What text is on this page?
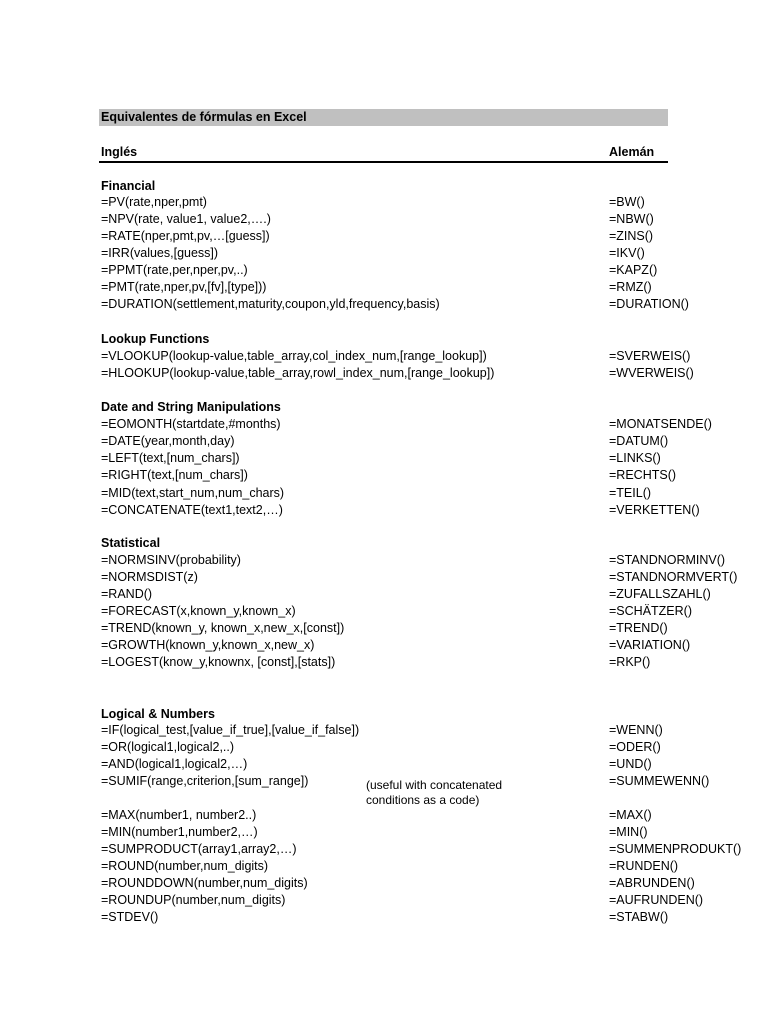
Equivalentes de fórmulas en Excel
Inglés	Alemán
Financial
=PV(rate,nper,pmt)	=BW()
=NPV(rate, value1, value2,….)	=NBW()
=RATE(nper,pmt,pv,…[guess])	=ZINS()
=IRR(values,[guess])	=IKV()
=PPMT(rate,per,nper,pv,..)	=KAPZ()
=PMT(rate,nper,pv,[fv],[type]))	=RMZ()
=DURATION(settlement,maturity,coupon,yld,frequency,basis)	=DURATION()
Lookup Functions
=VLOOKUP(lookup-value,table_array,col_index_num,[range_lookup])	=SVERWEIS()
=HLOOKUP(lookup-value,table_array,rowl_index_num,[range_lookup])	=WVERWEIS()
Date and String Manipulations
=EOMONTH(startdate,#months)	=MONATSENDE()
=DATE(year,month,day)	=DATUM()
=LEFT(text,[num_chars])	=LINKS()
=RIGHT(text,[num_chars])	=RECHTS()
=MID(text,start_num,num_chars)	=TEIL()
=CONCATENATE(text1,text2,…)	=VERKETTEN()
Statistical
=NORMSINV(probability)	=STANDNORMINV()
=NORMSDIST(z)	=STANDNORMVERT()
=RAND()	=ZUFALLSZAHL()
=FORECAST(x,known_y,known_x)	=SCHÄTZER()
=TREND(known_y, known_x,new_x,[const])	=TREND()
=GROWTH(known_y,known_x,new_x)	=VARIATION()
=LOGEST(know_y,knownx, [const],[stats])	=RKP()
Logical & Numbers
=IF(logical_test,[value_if_true],[value_if_false])	=WENN()
=OR(logical1,logical2,..)	=ODER()
=AND(logical1,logical2,…)	=UND()
=SUMIF(range,criterion,[sum_range])	=SUMMEWENN()
(useful with concatenated conditions as a code)
=MAX(number1, number2..)	=MAX()
=MIN(number1,number2,…)	=MIN()
=SUMPRODUCT(array1,array2,…)	=SUMMENPRODUKT()
=ROUND(number,num_digits)	=RUNDEN()
=ROUNDDOWN(number,num_digits)	=ABRUNDEN()
=ROUNDUP(number,num_digits)	=AUFRUNDEN()
=STDEV()	=STABW()
